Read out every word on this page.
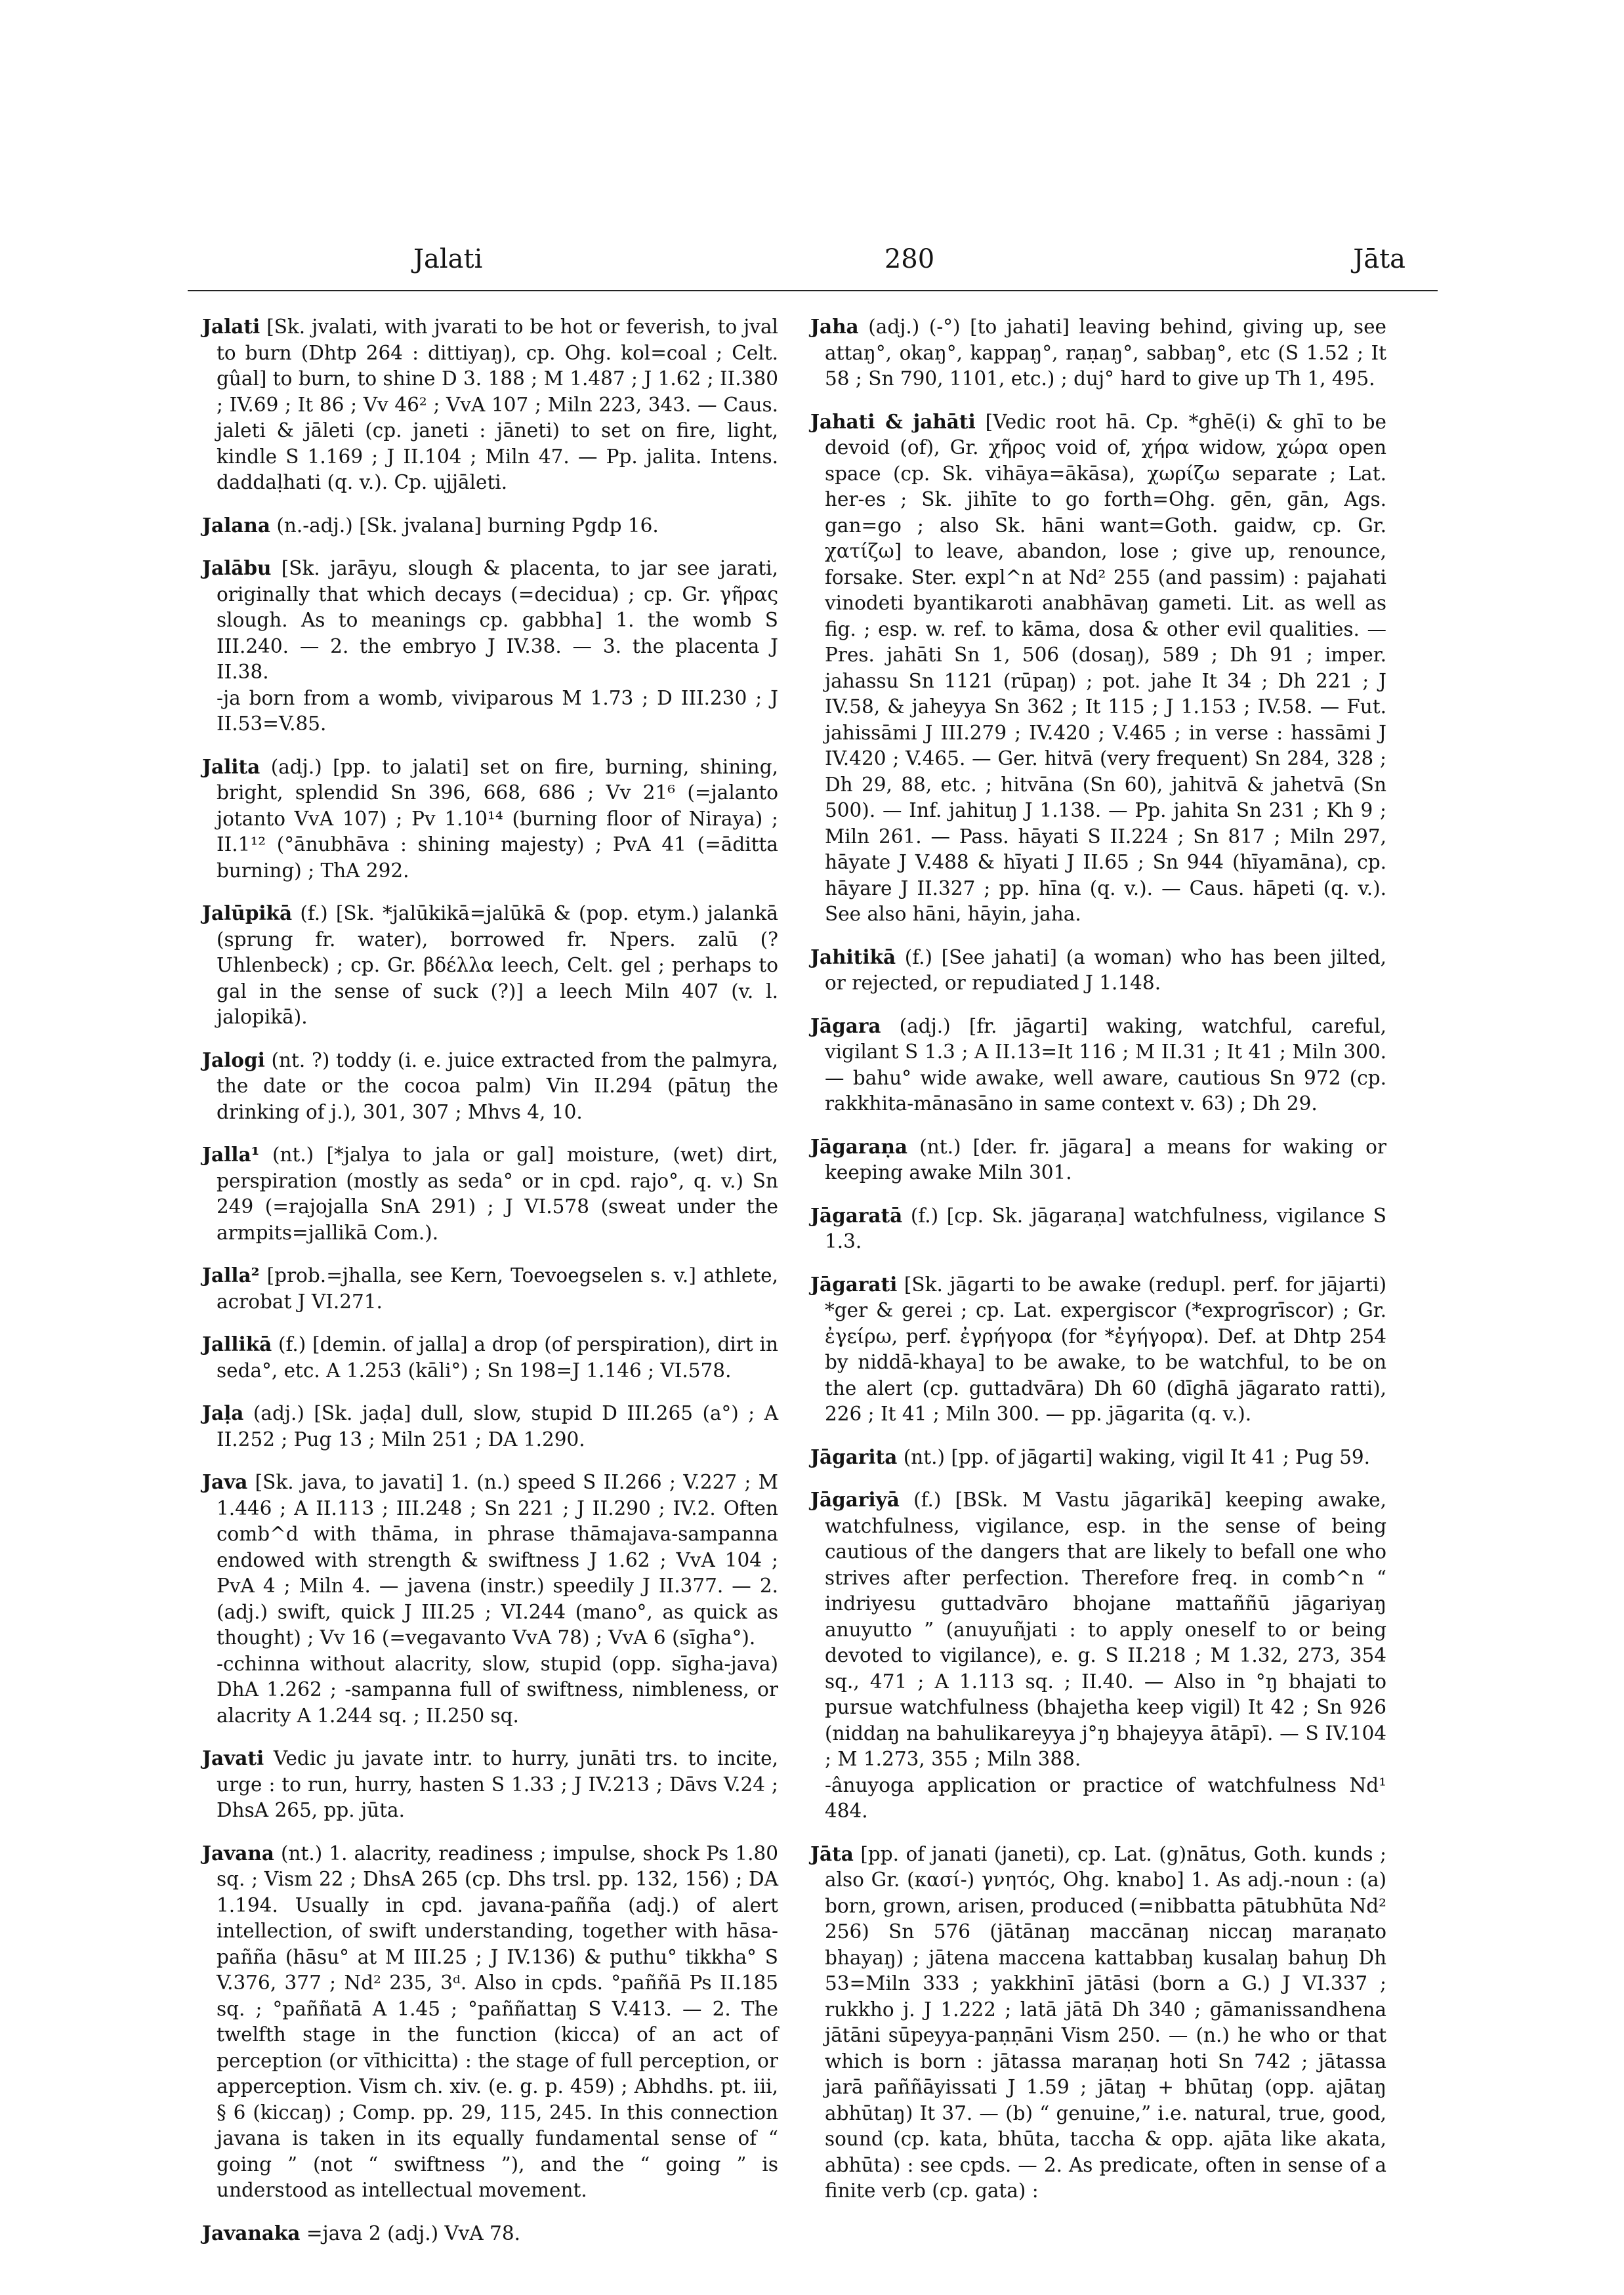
Jalati	280	Jāta

Jalati [Sk. jvalati, with jvarati to be hot or feverish, to jval to burn (Dhtp 264 : dittiyaŋ), cp. Ohg. kol=coal ; Celt. gûal] to burn, to shine D 3. 188 ; M 1.487 ; J 1.62 ; II.380 ; IV.69 ; It 86 ; Vv 46² ; VvA 107 ; Miln 223, 343. — Caus. jaleti & jāleti (cp. janeti : jāneti) to set on fire, light, kindle S 1.169 ; J II.104 ; Miln 47. — Pp. jalita. Intens. daddaḷhati (q. v.). Cp. ujjāleti.

Jalana (n.-adj.) [Sk. jvalana] burning Pgdp 16.

Jalābu [Sk. jarāyu, slough & placenta, to jar see jarati, originally that which decays (=decidua) ; cp. Gr. γῆρας slough. As to meanings cp. gabbha] 1. the womb S III.240. — 2. the embryo J IV.38. — 3. the placenta J II.38.
-ja born from a womb, viviparous M 1.73 ; D III.230 ; J II.53=V.85.

Jalita (adj.) [pp. to jalati] set on fire, burning, shining, bright, splendid Sn 396, 668, 686 ; Vv 21⁶ (=jalanto jotanto VvA 107) ; Pv 1.10¹⁴ (burning floor of Niraya) ; II.1¹² (°ānubhāva : shining majesty) ; PvA 41 (=āditta burning) ; ThA 292.

Jalūpikā (f.) [Sk. *jalūkikā=jalūkā & (pop. etym.) jalankā (sprung fr. water), borrowed fr. Npers. zalū (? Uhlenbeck) ; cp. Gr. βδέλλα leech, Celt. gel ; perhaps to gal in the sense of suck (?)] a leech Miln 407 (v. l. jalopikā).

Jalogi (nt. ?) toddy (i. e. juice extracted from the palmyra, the date or the cocoa palm) Vin II.294 (pātuŋ the drinking of j.), 301, 307 ; Mhvs 4, 10.

Jalla¹ (nt.) [*jalya to jala or gal] moisture, (wet) dirt, perspiration (mostly as seda° or in cpd. rajo°, q. v.) Sn 249 (=rajojalla SnA 291) ; J VI.578 (sweat under the armpits=jallikā Com.).

Jalla² [prob.=jhalla, see Kern, Toevoegselen s. v.] athlete, acrobat J VI.271.

Jallikā (f.) [demin. of jalla] a drop (of perspiration), dirt in seda°, etc. A 1.253 (kāli°) ; Sn 198=J 1.146 ; VI.578.

Jaḷa (adj.) [Sk. jaḍa] dull, slow, stupid D III.265 (a°) ; A II.252 ; Pug 13 ; Miln 251 ; DA 1.290.

Java [Sk. java, to javati] 1. (n.) speed S II.266 ; V.227 ; M 1.446 ; A II.113 ; III.248 ; Sn 221 ; J II.290 ; IV.2. Often comb^d with thāma, in phrase thāmajava-sampanna endowed with strength & swiftness J 1.62 ; VvA 104 ; PvA 4 ; Miln 4. — javena (instr.) speedily J II.377. — 2. (adj.) swift, quick J III.25 ; VI.244 (mano°, as quick as thought) ; Vv 16 (=vegavanto VvA 78) ; VvA 6 (sīgha°).
-cchinna without alacrity, slow, stupid (opp. sīgha-java) DhA 1.262 ; -sampanna full of swiftness, nimbleness, or alacrity A 1.244 sq. ; II.250 sq.

Javati Vedic ju javate intr. to hurry, junāti trs. to incite, urge : to run, hurry, hasten S 1.33 ; J IV.213 ; Dāvs V.24 ; DhsA 265, pp. jūta.

Javana (nt.) 1. alacrity, readiness ; impulse, shock Ps 1.80 sq. ; Vism 22 ; DhsA 265 (cp. Dhs trsl. pp. 132, 156) ; DA 1.194. Usually in cpd. javana-pañña (adj.) of alert intellection, of swift understanding, together with hāsa-pañña (hāsu° at M III.25 ; J IV.136) & puthu° tikkha° S V.376, 377 ; Nd² 235, 3ᵈ. Also in cpds. °paññā Ps II.185 sq. ; °paññatā A 1.45 ; °paññattaŋ S V.413. — 2. The twelfth stage in the function (kicca) of an act of perception (or vīthicitta) : the stage of full perception, or apperception. Vism ch. xiv. (e. g. p. 459) ; Abhdhs. pt. iii, § 6 (kiccaŋ) ; Comp. pp. 29, 115, 245. In this connection javana is taken in its equally fundamental sense of “ going ” (not “ swiftness ”), and the “ going ” is understood as intellectual movement.

Javanaka =java 2 (adj.) VvA 78.

Jaha (adj.) (-°) [to jahati] leaving behind, giving up, see attaŋ°, okaŋ°, kappaŋ°, raṇaŋ°, sabbaŋ°, etc (S 1.52 ; It 58 ; Sn 790, 1101, etc.) ; duj° hard to give up Th 1, 495.

Jahati & jahāti [Vedic root hā. Cp. *ghē(i) & ghī to be devoid (of), Gr. χῆρος void of, χήρα widow, χώρα open space (cp. Sk. vihāya=ākāsa), χωρίζω separate ; Lat. her-es ; Sk. jihīte to go forth=Ohg. gēn, gān, Ags. gan=go ; also Sk. hāni want=Goth. gaidw, cp. Gr. χατίζω] to leave, abandon, lose ; give up, renounce, forsake. Ster. expl^n at Nd² 255 (and passim) : pajahati vinodeti byantikaroti anabhāvaŋ gameti. Lit. as well as fig. ; esp. w. ref. to kāma, dosa & other evil qualities. — Pres. jahāti Sn 1, 506 (dosaŋ), 589 ; Dh 91 ; imper. jahassu Sn 1121 (rūpaŋ) ; pot. jahe It 34 ; Dh 221 ; J IV.58, & jaheyya Sn 362 ; It 115 ; J 1.153 ; IV.58. — Fut. jahissāmi J III.279 ; IV.420 ; V.465 ; in verse : hassāmi J IV.420 ; V.465. — Ger. hitvā (very frequent) Sn 284, 328 ; Dh 29, 88, etc. ; hitvāna (Sn 60), jahitvā & jahetvā (Sn 500). — Inf. jahituŋ J 1.138. — Pp. jahita Sn 231 ; Kh 9 ; Miln 261. — Pass. hāyati S II.224 ; Sn 817 ; Miln 297, hāyate J V.488 & hīyati J II.65 ; Sn 944 (hīyamāna), cp. hāyare J II.327 ; pp. hīna (q. v.). — Caus. hāpeti (q. v.). See also hāni, hāyin, jaha.

Jahitikā (f.) [See jahati] (a woman) who has been jilted, or rejected, or repudiated J 1.148.

Jāgara (adj.) [fr. jāgarti] waking, watchful, careful, vigilant S 1.3 ; A II.13=It 116 ; M II.31 ; It 41 ; Miln 300. — bahu° wide awake, well aware, cautious Sn 972 (cp. rakkhita-mānasāno in same context v. 63) ; Dh 29.

Jāgaraṇa (nt.) [der. fr. jāgara] a means for waking or keeping awake Miln 301.

Jāgaratā (f.) [cp. Sk. jāgaraṇa] watchfulness, vigilance S 1.3.

Jāgarati [Sk. jāgarti to be awake (redupl. perf. for jājarti) *ger & gerei ; cp. Lat. expergiscor (*exprogrīscor) ; Gr. ἐγείρω, perf. ἐγρήγορα (for *ἐγήγορα). Def. at Dhtp 254 by niddā-khaya] to be awake, to be watchful, to be on the alert (cp. guttadvāra) Dh 60 (dīghā jāgarato ratti), 226 ; It 41 ; Miln 300. — pp. jāgarita (q. v.).

Jāgarita (nt.) [pp. of jāgarti] waking, vigil It 41 ; Pug 59.

Jāgariyā (f.) [BSk. M Vastu jāgarikā] keeping awake, watchfulness, vigilance, esp. in the sense of being cautious of the dangers that are likely to befall one who strives after perfection. Therefore freq. in comb^n “ indriyesu guttadvāro bhojane mattaññū jāgariyaŋ anuyutto ” (anuyuñjati : to apply oneself to or being devoted to vigilance), e. g. S II.218 ; M 1.32, 273, 354 sq., 471 ; A 1.113 sq. ; II.40. — Also in °ŋ bhajati to pursue watchfulness (bhajetha keep vigil) It 42 ; Sn 926 (niddaŋ na bahulikareyya j°ŋ bhajeyya ātāpī). — S IV.104 ; M 1.273, 355 ; Miln 388.
-ânuyoga application or practice of watchfulness Nd¹ 484.

Jāta [pp. of janati (janeti), cp. Lat. (g)nātus, Goth. kunds ; also Gr. (κασί-) γνητός, Ohg. knabo] 1. As adj.-noun : (a) born, grown, arisen, produced (=nibbatta pātubhūta Nd² 256) Sn 576 (jātānaŋ maccānaŋ niccaŋ maraṇato bhayaŋ) ; jātena maccena kattabbaŋ kusalaŋ bahuŋ Dh 53=Miln 333 ; yakkhinī jātāsi (born a G.) J VI.337 ; rukkho j. J 1.222 ; latā jātā Dh 340 ; gāmanissandhena jātāni sūpeyya-paṇṇāni Vism 250. — (n.) he who or that which is born : jātassa maraṇaŋ hoti Sn 742 ; jātassa jarā paññāyissati J 1.59 ; jātaŋ + bhūtaŋ (opp. ajātaŋ abhūtaŋ) It 37. — (b) “ genuine,” i.e. natural, true, good, sound (cp. kata, bhūta, taccha & opp. ajāta like akata, abhūta) : see cpds. — 2. As predicate, often in sense of a finite verb (cp. gata) :
